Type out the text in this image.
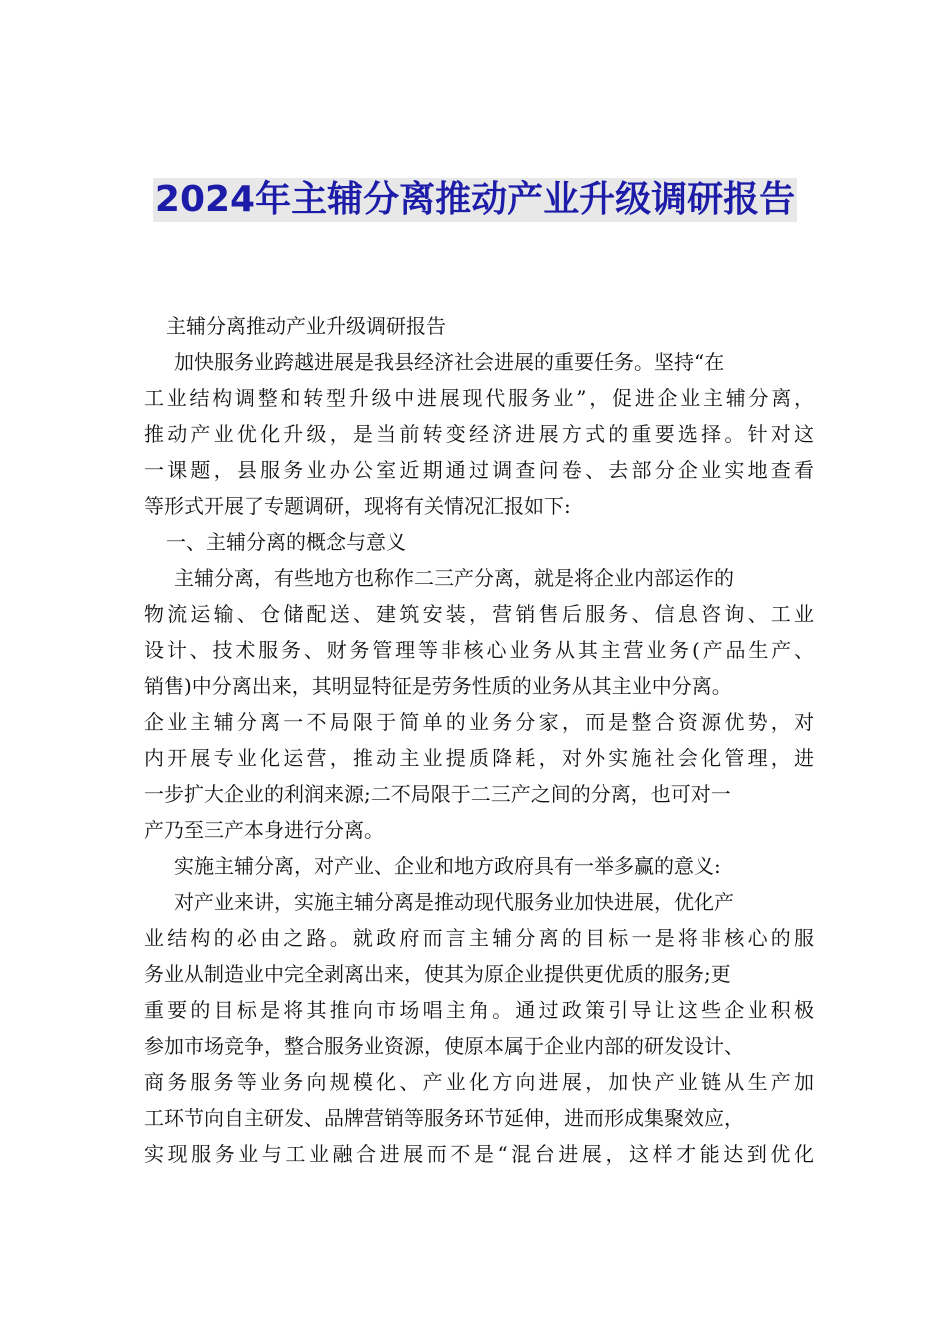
2024年主辅分离推动产业升级调研报告
主辅分离推动产业升级调研报告
加快服务业跨越进展是我县经济社会进展的重要任务。坚持“在
工业结构调整和转型升级中进展现代服务业”，促进企业主辅分离，
推动产业优化升级，是当前转变经济进展方式的重要选择。针对这
一课题，县服务业办公室近期通过调查问卷、去部分企业实地查看
等形式开展了专题调研，现将有关情况汇报如下:
一、主辅分离的概念与意义
主辅分离，有些地方也称作二三产分离，就是将企业内部运作的
物流运输、仓储配送、建筑安装，营销售后服务、信息咨询、工业
设计、技术服务、财务管理等非核心业务从其主营业务(产品生产、
销售)中分离出来，其明显特征是劳务性质的业务从其主业中分离。
企业主辅分离一不局限于简单的业务分家，而是整合资源优势，对
内开展专业化运营，推动主业提质降耗，对外实施社会化管理，进
一步扩大企业的利润来源;二不局限于二三产之间的分离，也可对一
产乃至三产本身进行分离。
实施主辅分离，对产业、企业和地方政府具有一举多赢的意义:
对产业来讲，实施主辅分离是推动现代服务业加快进展，优化产
业结构的必由之路。就政府而言主辅分离的目标一是将非核心的服
务业从制造业中完全剥离出来，使其为原企业提供更优质的服务;更
重要的目标是将其推向市场唱主角。通过政策引导让这些企业积极
参加市场竞争，整合服务业资源，使原本属于企业内部的研发设计、
商务服务等业务向规模化、产业化方向进展，加快产业链从生产加
工环节向自主研发、品牌营销等服务环节延伸，进而形成集聚效应，
实现服务业与工业融合进展而不是“混台进展，这样才能达到优化
